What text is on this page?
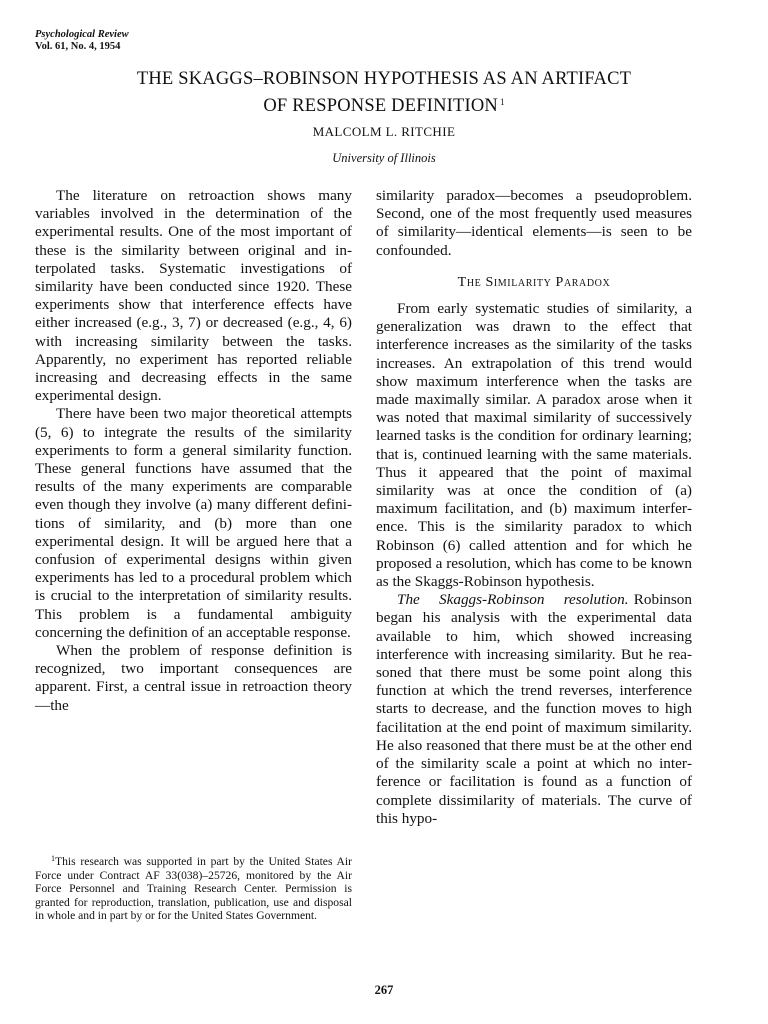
Psychological Review
Vol. 61, No. 4, 1954
THE SKAGGS–ROBINSON HYPOTHESIS AS AN ARTIFACT
OF RESPONSE DEFINITION $^1$
MALCOLM L. RITCHIE
University of Illinois

The literature on retroaction shows many variables involved in the determination of the experimental results. One of the most important of these is the similarity between original and interpolated tasks. Systematic investigations of similarity have been conducted since 1920. These experiments show that interference effects have either increased (e.g., 3, 7) or decreased (e.g., 4, 6) with increasing similarity between the tasks. Apparently, no experiment has reported reliable increasing and decreasing effects in the same experimental design.

There have been two major theoretical attempts (5, 6) to integrate the results of the similarity experiments to form a general similarity function. These general functions have assumed that the results of the many experiments are comparable even though they involve (a) many different definitions of similarity, and (b) more than one experimental design. It will be argued here that a confusion of experimental designs within given experiments has led to a procedural problem which is crucial to the interpretation of similarity results. This problem is a fundamental ambiguity concerning the definition of an acceptable response.

When the problem of response definition is recognized, two important consequences are apparent. First, a central issue in retroaction theory—the

$^1$This research was supported in part by the United States Air Force under Contract AF 33(038)–25726, monitored by the Air Force Personnel and Training Research Center. Permission is granted for reproduction, translation, publication, use and disposal in whole and in part by or for the United States Government.

similarity paradox—becomes a pseudoproblem. Second, one of the most frequently used measures of similarity—identical elements—is seen to be confounded.

The Similarity Paradox

From early systematic studies of similarity, a generalization was drawn to the effect that interference increases as the similarity of the tasks increases. An extrapolation of this trend would show maximum interference when the tasks are made maximally similar. A paradox arose when it was noted that maximal similarity of successively learned tasks is the condition for ordinary learning; that is, continued learning with the same materials. Thus it appeared that the point of maximal similarity was at once the condition of (a) maximum facilitation, and (b) maximum interference. This is the similarity paradox to which Robinson (6) called attention and for which he proposed a resolution, which has come to be known as the Skaggs-Robinson hypothesis.

The Skaggs-Robinson resolution. Robinson began his analysis with the experimental data available to him, which showed increasing interference with increasing similarity. But he reasoned that there must be some point along this function at which the trend reverses, interference starts to decrease, and the function moves to high facilitation at the end point of maximum similarity. He also reasoned that there must be at the other end of the similarity scale a point at which no interference or facilitation is found as a function of complete dissimilarity of materials. The curve of this hypo-

267
